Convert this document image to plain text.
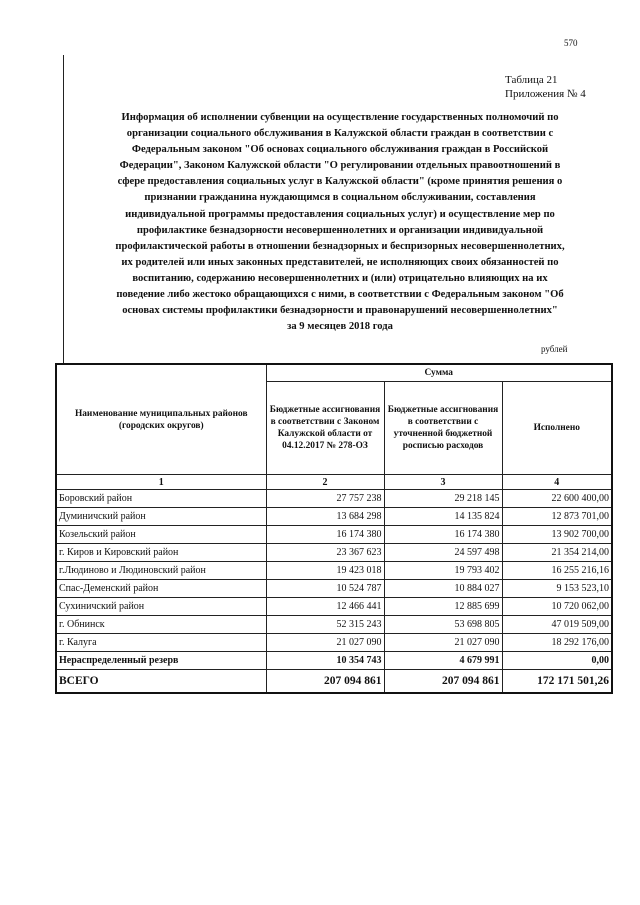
570
Таблица 21
Приложения № 4
Информация об исполнении субвенции на осуществление государственных полномочий по
организации социального обслуживания в Калужской области граждан в соответствии с
Федеральным законом "Об основах социального обслуживания граждан в Российской
Федерации", Законом Калужской области "О регулировании отдельных правоотношений в
сфере предоставления социальных услуг в Калужской области" (кроме принятия решения о
признании гражданина нуждающимся в социальном обслуживании, составления
индивидуальной программы предоставления социальных услуг) и осуществление мер по
профилактике безнадзорности несовершеннолетних и организации индивидуальной
профилактической работы в отношении безнадзорных и беспризорных несовершеннолетних,
их родителей или иных законных представителей, не исполняющих своих обязанностей по
воспитанию, содержанию несовершеннолетних и (или) отрицательно влияющих на их
поведение либо жестоко обращающихся с ними, в соответствии с Федеральным законом "Об
основах системы профилактики безнадзорности и правонарушений несовершеннолетних"
за 9 месяцев 2018 года
рублей
Наименование муниципальных районов (городских округов)	Сумма		
	Бюджетные ассигнования в соответствии с Законом Калужской области от 04.12.2017 № 278-ОЗ	Бюджетные ассигнования в соответствии с уточненной бюджетной росписью расходов	Исполнено
1	2	3	4
Боровский район	27 757 238	29 218 145	22 600 400,00
Думиничский район	13 684 298	14 135 824	12 873 701,00
Козельский район	16 174 380	16 174 380	13 902 700,00
г. Киров и Кировский район	23 367 623	24 597 498	21 354 214,00
г.Людиново и Людиновский район	19 423 018	19 793 402	16 255 216,16
Спас-Деменский район	10 524 787	10 884 027	9 153 523,10
Сухиничский район	12 466 441	12 885 699	10 720 062,00
г. Обнинск	52 315 243	53 698 805	47 019 509,00
г. Калуга	21 027 090	21 027 090	18 292 176,00
Нераспределенный резерв	10 354 743	4 679 991	0,00
ВСЕГО	207 094 861	207 094 861	172 171 501,26
